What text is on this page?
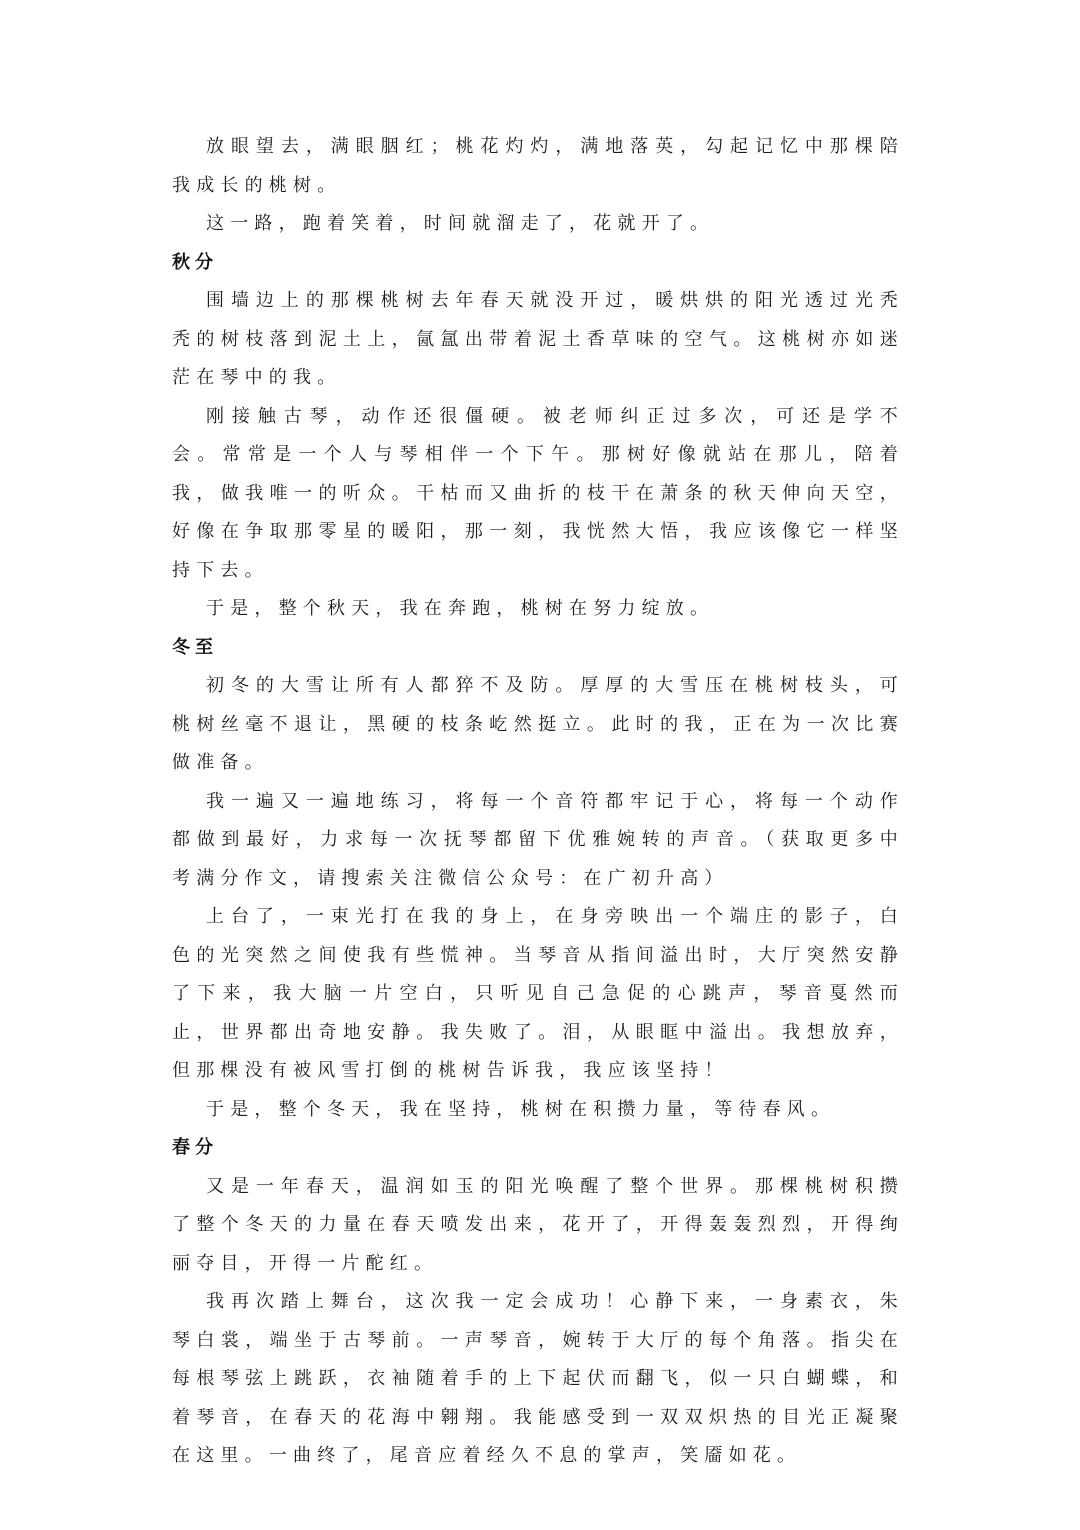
放眼望去，满眼胭红；桃花灼灼，满地落英，勾起记忆中那棵陪我成长的桃树。

这一路，跑着笑着，时间就溜走了，花就开了。

秋分

围墙边上的那棵桃树去年春天就没开过，暖烘烘的阳光透过光秃秃的树枝落到泥土上，氤氲出带着泥土香草味的空气。这桃树亦如迷茫在琴中的我。

刚接触古琴，动作还很僵硬。被老师纠正过多次，可还是学不会。常常是一个人与琴相伴一个下午。那树好像就站在那儿，陪着我，做我唯一的听众。干枯而又曲折的枝干在萧条的秋天伸向天空，好像在争取那零星的暖阳，那一刻，我恍然大悟，我应该像它一样坚持下去。

于是，整个秋天，我在奔跑，桃树在努力绽放。

冬至

初冬的大雪让所有人都猝不及防。厚厚的大雪压在桃树枝头，可桃树丝毫不退让，黑硬的枝条屹然挺立。此时的我，正在为一次比赛做准备。

我一遍又一遍地练习，将每一个音符都牢记于心，将每一个动作都做到最好，力求每一次抚琴都留下优雅婉转的声音。（获取更多中考满分作文，请搜索关注微信公众号：在广初升高）

上台了，一束光打在我的身上，在身旁映出一个端庄的影子，白色的光突然之间使我有些慌神。当琴音从指间溢出时，大厅突然安静了下来，我大脑一片空白，只听见自己急促的心跳声，琴音戛然而止，世界都出奇地安静。我失败了。泪，从眼眶中溢出。我想放弃，但那棵没有被风雪打倒的桃树告诉我，我应该坚持！

于是，整个冬天，我在坚持，桃树在积攒力量，等待春风。

春分

又是一年春天，温润如玉的阳光唤醒了整个世界。那棵桃树积攒了整个冬天的力量在春天喷发出来，花开了，开得轰轰烈烈，开得绚丽夺目，开得一片酡红。

我再次踏上舞台，这次我一定会成功！心静下来，一身素衣，朱琴白裳，端坐于古琴前。一声琴音，婉转于大厅的每个角落。指尖在每根琴弦上跳跃，衣袖随着手的上下起伏而翻飞，似一只白蝴蝶，和着琴音，在春天的花海中翱翔。我能感受到一双双炽热的目光正凝聚在这里。一曲终了，尾音应着经久不息的掌声，笑靥如花。
